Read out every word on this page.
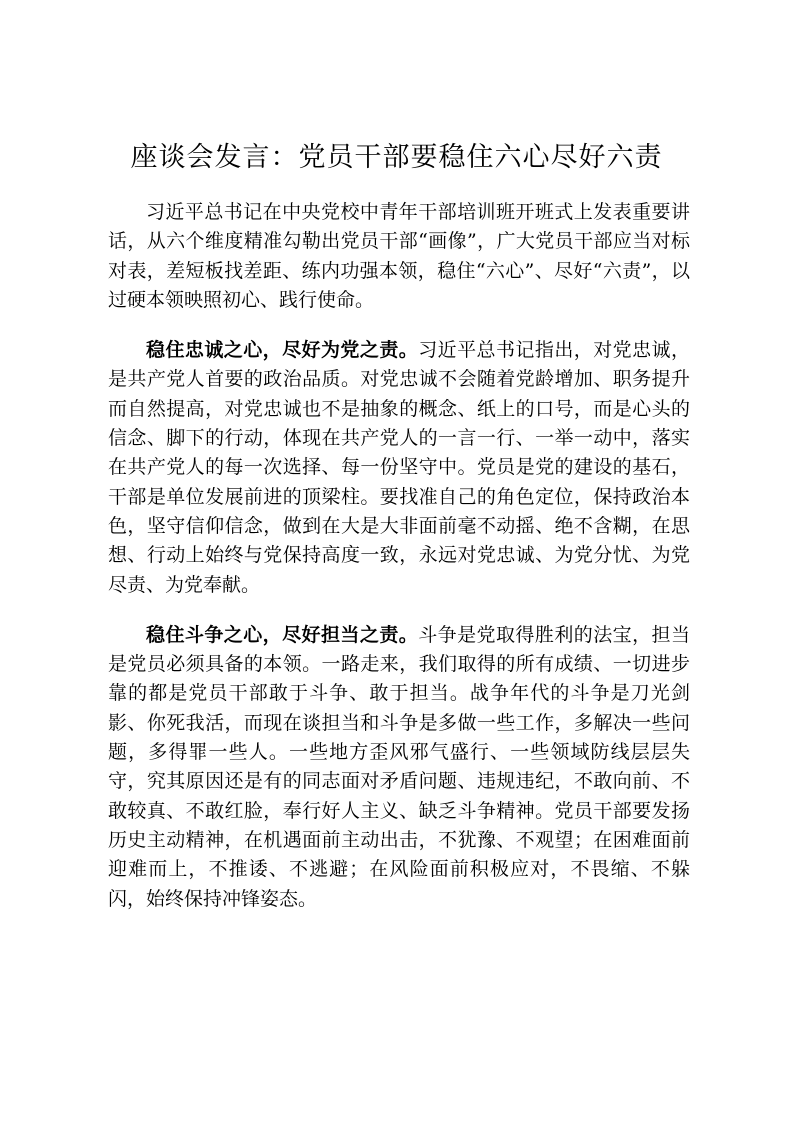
座谈会发言：党员干部要稳住六心尽好六责

习近平总书记在中央党校中青年干部培训班开班式上发表重要讲话，从六个维度精准勾勒出党员干部“画像”，广大党员干部应当对标对表，差短板找差距、练内功强本领，稳住“六心”、尽好“六责”，以过硬本领映照初心、践行使命。

稳住忠诚之心，尽好为党之责。习近平总书记指出，对党忠诚，是共产党人首要的政治品质。对党忠诚不会随着党龄增加、职务提升而自然提高，对党忠诚也不是抽象的概念、纸上的口号，而是心头的信念、脚下的行动，体现在共产党人的一言一行、一举一动中，落实在共产党人的每一次选择、每一份坚守中。党员是党的建设的基石，干部是单位发展前进的顶梁柱。要找准自己的角色定位，保持政治本色，坚守信仰信念，做到在大是大非面前毫不动摇、绝不含糊，在思想、行动上始终与党保持高度一致，永远对党忠诚、为党分忧、为党尽责、为党奉献。

稳住斗争之心，尽好担当之责。斗争是党取得胜利的法宝，担当是党员必须具备的本领。一路走来，我们取得的所有成绩、一切进步靠的都是党员干部敢于斗争、敢于担当。战争年代的斗争是刀光剑影、你死我活，而现在谈担当和斗争是多做一些工作，多解决一些问题，多得罪一些人。一些地方歪风邪气盛行、一些领域防线层层失守，究其原因还是有的同志面对矛盾问题、违规违纪，不敢向前、不敢较真、不敢红脸，奉行好人主义、缺乏斗争精神。党员干部要发扬历史主动精神，在机遇面前主动出击，不犹豫、不观望；在困难面前迎难而上，不推诿、不逃避；在风险面前积极应对，不畏缩、不躲闪，始终保持冲锋姿态。
